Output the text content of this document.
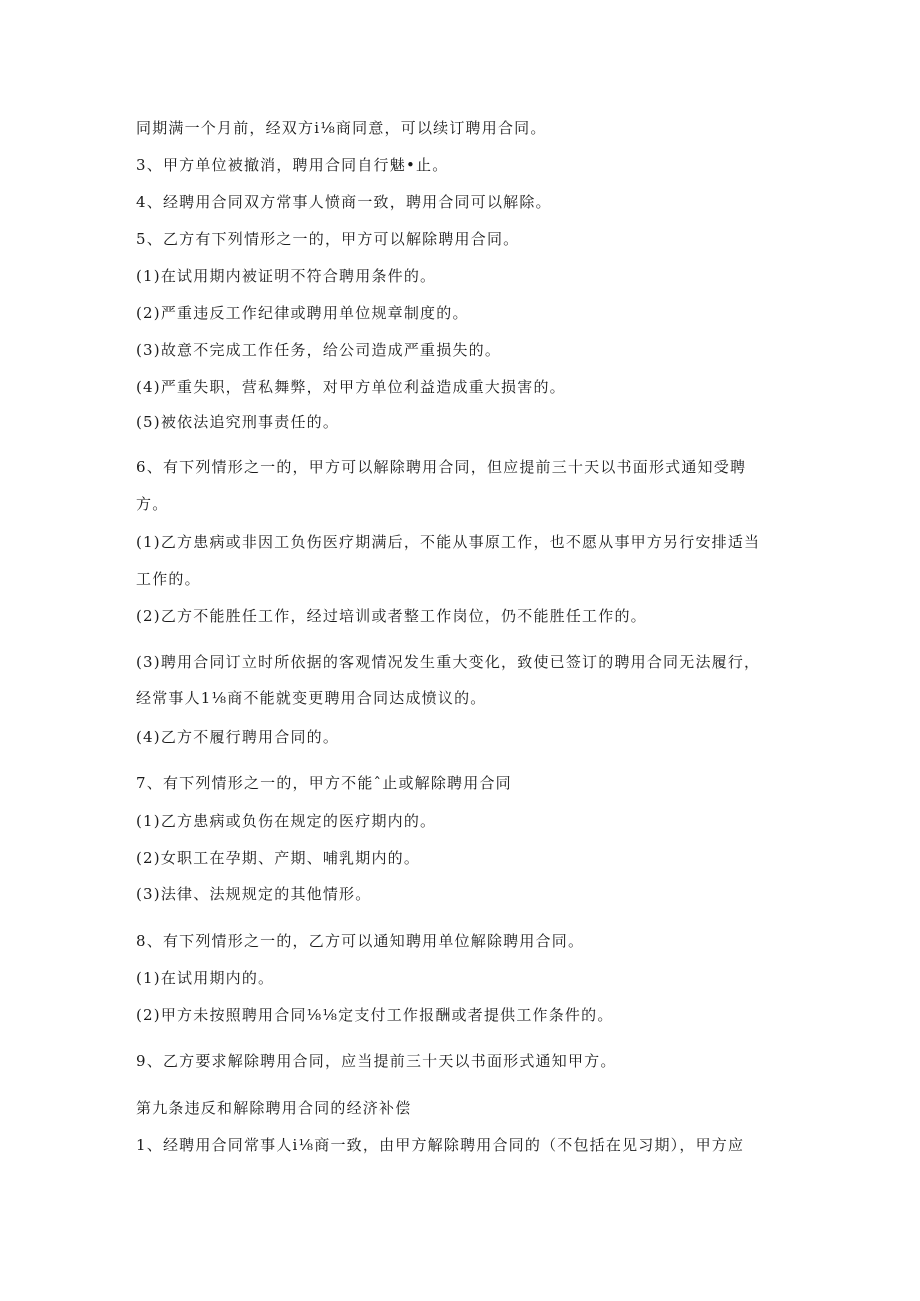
同期满一个月前，经双方i⅛商同意，可以续订聘用合同。
3、甲方单位被撤消，聘用合同自行魅•止。
4、经聘用合同双方常事人愤商一致，聘用合同可以解除。
5、乙方有下列情形之一的，甲方可以解除聘用合同。
(1)在试用期内被证明不符合聘用条件的。
(2)严重违反工作纪律或聘用单位规章制度的。
(3)故意不完成工作任务，给公司造成严重损失的。
(4)严重失职，营私舞弊，对甲方单位利益造成重大损害的。
(5)被依法追究刑事责任的。
6、有下列情形之一的，甲方可以解除聘用合同，但应提前三十天以书面形式通知受聘
方。
(1)乙方患病或非因工负伤医疗期满后，不能从事原工作，也不愿从事甲方另行安排适当
工作的。
(2)乙方不能胜任工作，经过培训或者整工作岗位，仍不能胜任工作的。
(3)聘用合同订立时所依据的客观情况发生重大变化，致使已签订的聘用合同无法履行，
经常事人1⅛商不能就变更聘用合同达成愤议的。
(4)乙方不履行聘用合同的。
7、有下列情形之一的，甲方不能ˆ止或解除聘用合同
(1)乙方患病或负伤在规定的医疗期内的。
(2)女职工在孕期、产期、哺乳期内的。
(3)法律、法规规定的其他情形。
8、有下列情形之一的，乙方可以通知聘用单位解除聘用合同。
(1)在试用期内的。
(2)甲方未按照聘用合同⅛⅛定支付工作报酬或者提供工作条件的。
9、乙方要求解除聘用合同，应当提前三十天以书面形式通知甲方。
第九条违反和解除聘用合同的经济补偿
1、经聘用合同常事人i⅛商一致，由甲方解除聘用合同的（不包括在见习期），甲方应
